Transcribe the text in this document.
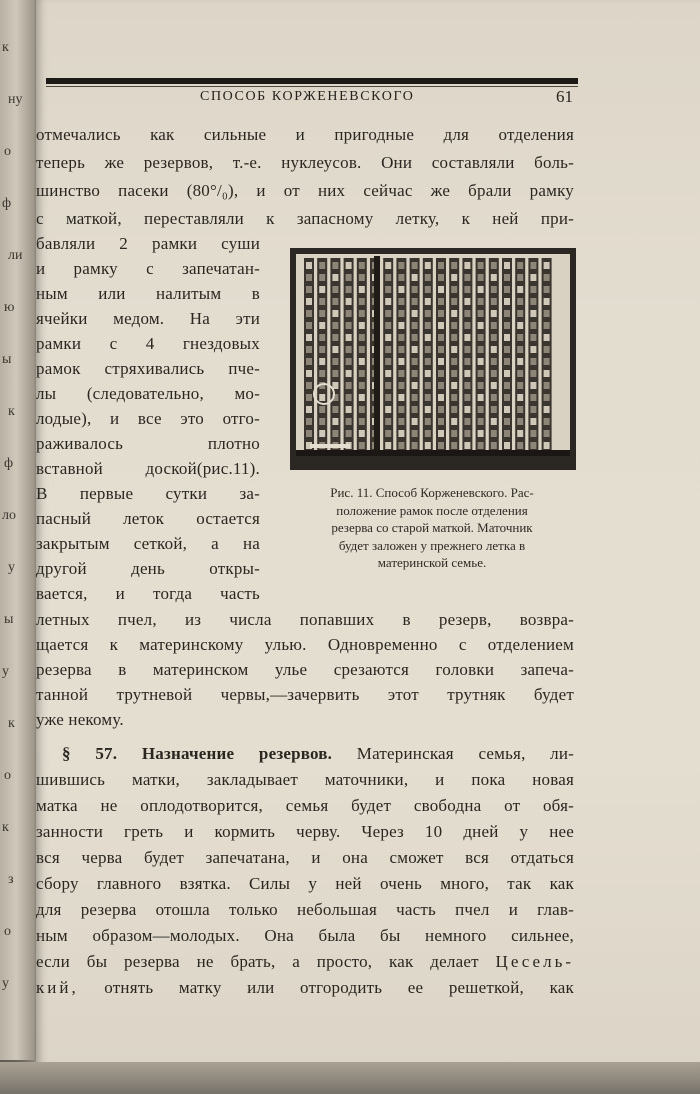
к
ну
о
ф
ли
ю
ы
к
ф
ло
у
ы
у
к
о
к
з
о
у
СПОСОБ КОРЖЕНЕВСКОГО	61
отмечались как сильные и пригодные для отделения
теперь же резервов, т.-е. нуклеусов. Они составляли боль-
шинство пасеки (80°/₀), и от них сейчас же брали рамку
с маткой, переставляли к запасному летку, к ней при-
бавляли 2 рамки суши
и рамку с запечатан-
ным или налитым в
ячейки медом. На эти
рамки с 4 гнездовых
рамок стряхивались пче-
лы (следовательно, мо-
лодые), и все это отго-
раживалось плотно
вставной доской(рис.11).
В первые сутки за-
пасный леток остается
закрытым сеткой, а на
другой день откры-
вается, и тогда часть
Рис. 11. Способ Корженевского. Рас-
положение рамок после отделения
резерва со старой маткой. Маточник
будет заложен у прежнего летка в
материнской семье.
летных пчел, из числа попавших в резерв, возвра-
щается к материнскому улью. Одновременно с отделением
резерва в материнском улье срезаются головки запеча-
танной трутневой червы,—зачервить этот трутняк будет
уже некому.
§ 57. Назначение резервов. Материнская семья, ли-
шившись матки, закладывает маточники, и пока новая
матка не оплодотворится, семья будет свободна от обя-
занности греть и кормить черву. Через 10 дней у нее
вся черва будет запечатана, и она сможет вся отдаться
сбору главного взятка. Силы у ней очень много, так как
для резерва отошла только небольшая часть пчел и глав-
ным образом—молодых. Она была бы немного сильнее,
если бы резерва не брать, а просто, как делает Цесель-
кий, отнять матку или отгородить ее решеткой, как
